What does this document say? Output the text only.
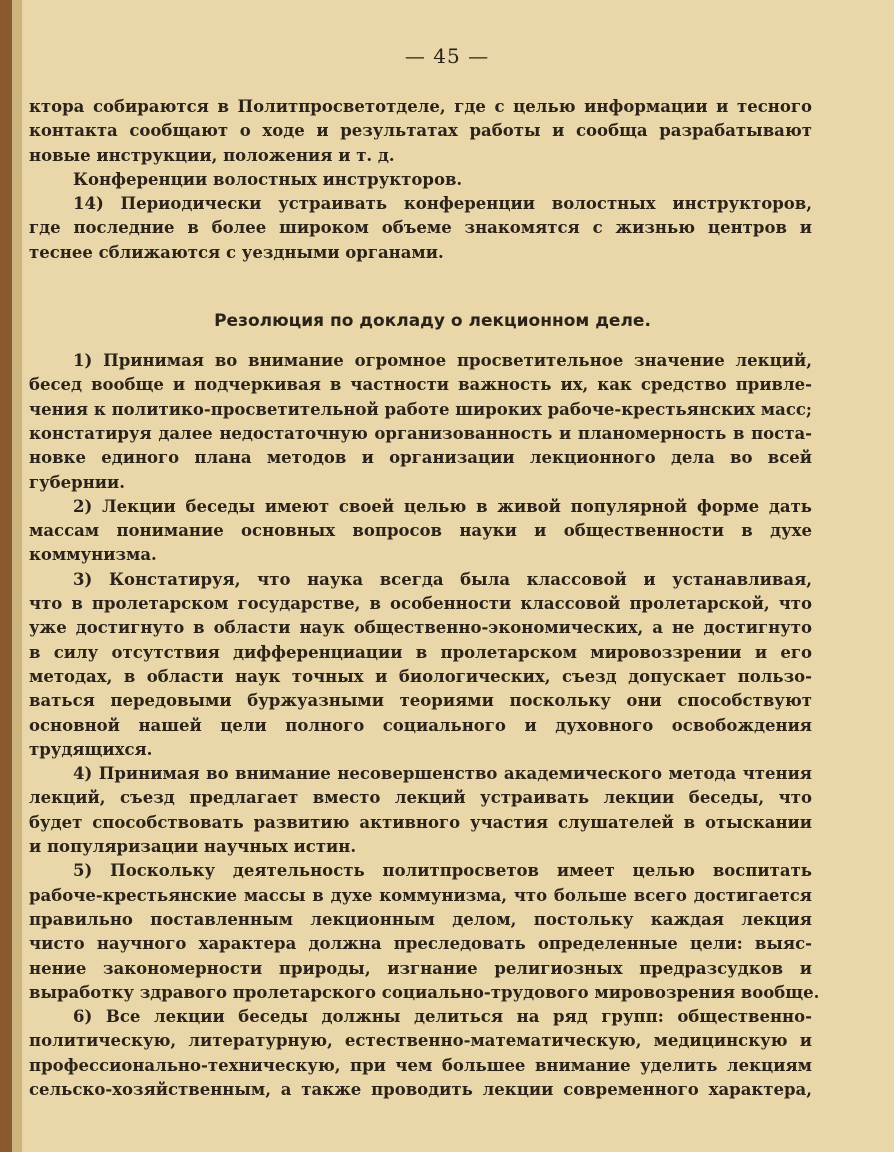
— 45 —
ктора собираются в Политпросветотделе, где с целью информации и тесного
контакта сообщают о ходе и результатах работы и сообща разрабатывают
новые инструкции, положения и т. д.
Конференции волостных инструкторов.
14) Периодически устраивать конференции волостных инструкторов,
где последние в более широком объеме знакомятся с жизнью центров и
теснее сближаются с уездными органами.
Резолюция по докладу о лекционном деле.
1) Принимая во внимание огромное просветительное значение лекций,
бесед вообще и подчеркивая в частности важность их, как средство привле-
чения к политико-просветительной работе широких рабоче-крестьянских масс;
констатируя далее недостаточную организованность и планомерность в поста-
новке единого плана методов и организации лекционного дела во всей
губернии.
2) Лекции беседы имеют своей целью в живой популярной форме дать
массам понимание основных вопросов науки и общественности в духе
коммунизма.
3) Констатируя, что наука всегда была классовой и устанавливая,
что в пролетарском государстве, в особенности классовой пролетарской, что
уже достигнуто в области наук общественно-экономических, а не достигнуто
в силу отсутствия дифференциации в пролетарском мировоззрении и его
методах, в области наук точных и биологических, съезд допускает пользо-
ваться передовыми буржуазными теориями поскольку они способствуют
основной нашей цели полного социального и духовного освобождения
трудящихся.
4) Принимая во внимание несовершенство академического метода чтения
лекций, съезд предлагает вместо лекций устраивать лекции беседы, что
будет способствовать развитию активного участия слушателей в отыскании
и популяризации научных истин.
5) Поскольку деятельность политпросветов имеет целью воспитать
рабоче-крестьянские массы в духе коммунизма, что больше всего достигается
правильно поставленным лекционным делом, постольку каждая лекция
чисто научного характера должна преследовать определенные цели: выяс-
нение закономерности природы, изгнание религиозных предразсудков и
выработку здравого пролетарского социально-трудового мировозрения вообще.
6) Все лекции беседы должны делиться на ряд групп: общественно-
политическую, литературную, естественно-математическую, медицинскую и
профессионально-техническую, при чем большее внимание уделить лекциям
сельско-хозяйственным, а также проводить лекции современного характера,
